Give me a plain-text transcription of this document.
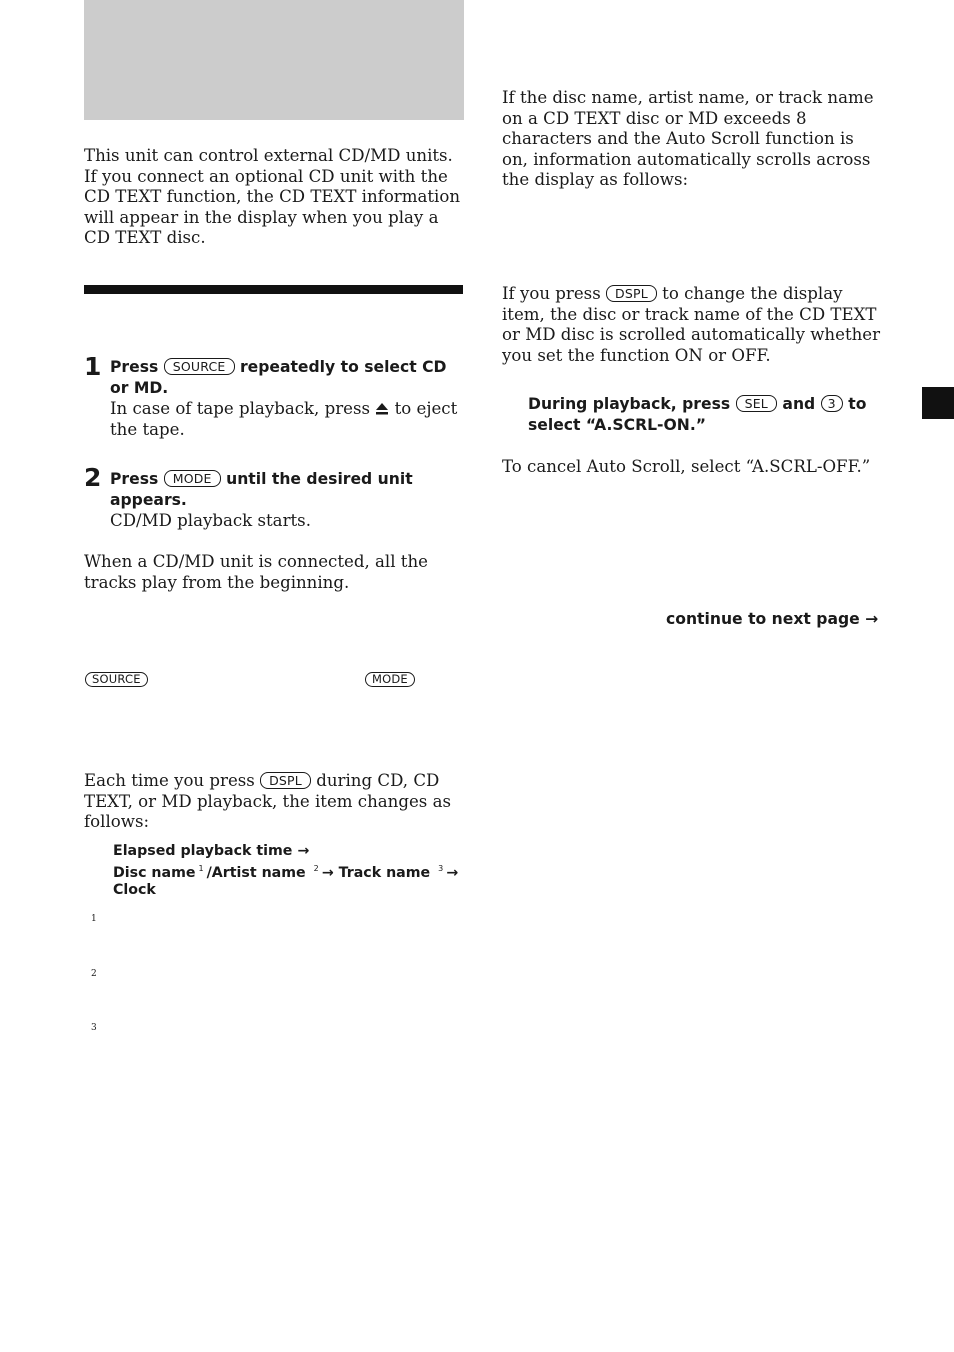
This unit can control external CD/MD units. If you connect an optional CD unit with the CD TEXT function, the CD TEXT information will appear in the display when you play a CD TEXT disc.
1 Press SOURCE repeatedly to select CD or MD.
In case of tape playback, press to eject the tape.
2 Press MODE until the desired unit appears.
CD/MD playback starts.
When a CD/MD unit is connected, all the tracks play from the beginning.
SOURCE	MODE
Each time you press DSPL during CD, CD TEXT, or MD playback, the item changes as follows:
Elapsed playback time →
Disc name $^1$ /Artist name $^2$ → Track name $^3$ →
Clock
1
2
3
If the disc name, artist name, or track name on a CD TEXT disc or MD exceeds 8 characters and the Auto Scroll function is on, information automatically scrolls across the display as follows:
If you press DSPL to change the display item, the disc or track name of the CD TEXT or MD disc is scrolled automatically whether you set the function ON or OFF.
During playback, press SEL and 3 to select “A.SCRL-ON.”
To cancel Auto Scroll, select “A.SCRL-OFF.”
continue to next page →
